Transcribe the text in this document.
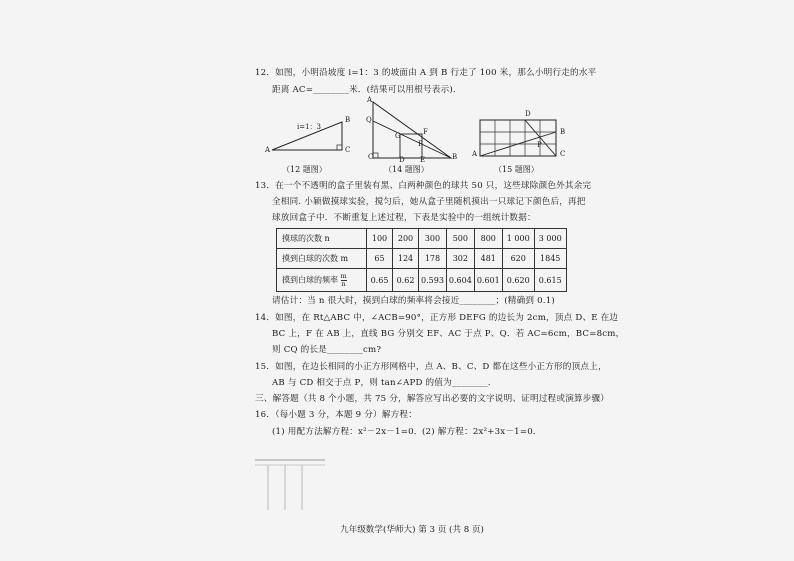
12．如图，小明沿坡度 i=1：3 的坡面由 A 到 B 行走了 100 米，那么小明行走的水平
距离 AC=________米．(结果可以用根号表示).
i=1：3
A
B
C
（12 题图）
A
Q
G	F
P
C	D E	B
（14 题图）
A
B
C
D
P
（15 题图）
13．在一个不透明的盒子里装有黑、白两种颜色的球共 50 只，这些球除颜色外其余完
全相同. 小颖做摸球实验，搅匀后，她从盒子里随机摸出一只球记下颜色后，再把
球放回盒子中．不断重复上述过程，下表是实验中的一组统计数据：
摸球的次数 n	100	200	300	500	800	1 000	3 000
摸到白球的次数 m	65	124	178	302	481	620	1845
摸到白球的频率 $\frac{m}{n}$	0.65	0.62	0.593	0.604	0.601	0.620	0.615
请估计：当 n 很大时，摸到白球的频率将会接近________；(精确到 0.1)
14．如图，在 Rt△ABC 中，∠ACB=90°，正方形 DEFG 的边长为 2cm，顶点 D、E 在边
BC 上，F 在 AB 上，直线 BG 分别交 EF、AC 于点 P、Q．若 AC=6cm，BC=8cm，
则 CQ 的长是________cm?
15．如图，在边长相同的小正方形网格中，点 A、B、C、D 都在这些小正方形的顶点上，
AB 与 CD 相交于点 P，则 tan∠APD 的值为________．
三、解答题（共 8 个小题，共 75 分，解答应写出必要的文字说明、证明过程或演算步骤）
16．（每小题 3 分，本题 9 分）解方程：
(1) 用配方法解方程：x²－2x－1=0． (2) 解方程：2x²+3x－1=0．
九年级数学(华师大) 第 3 页 (共 8 页)
